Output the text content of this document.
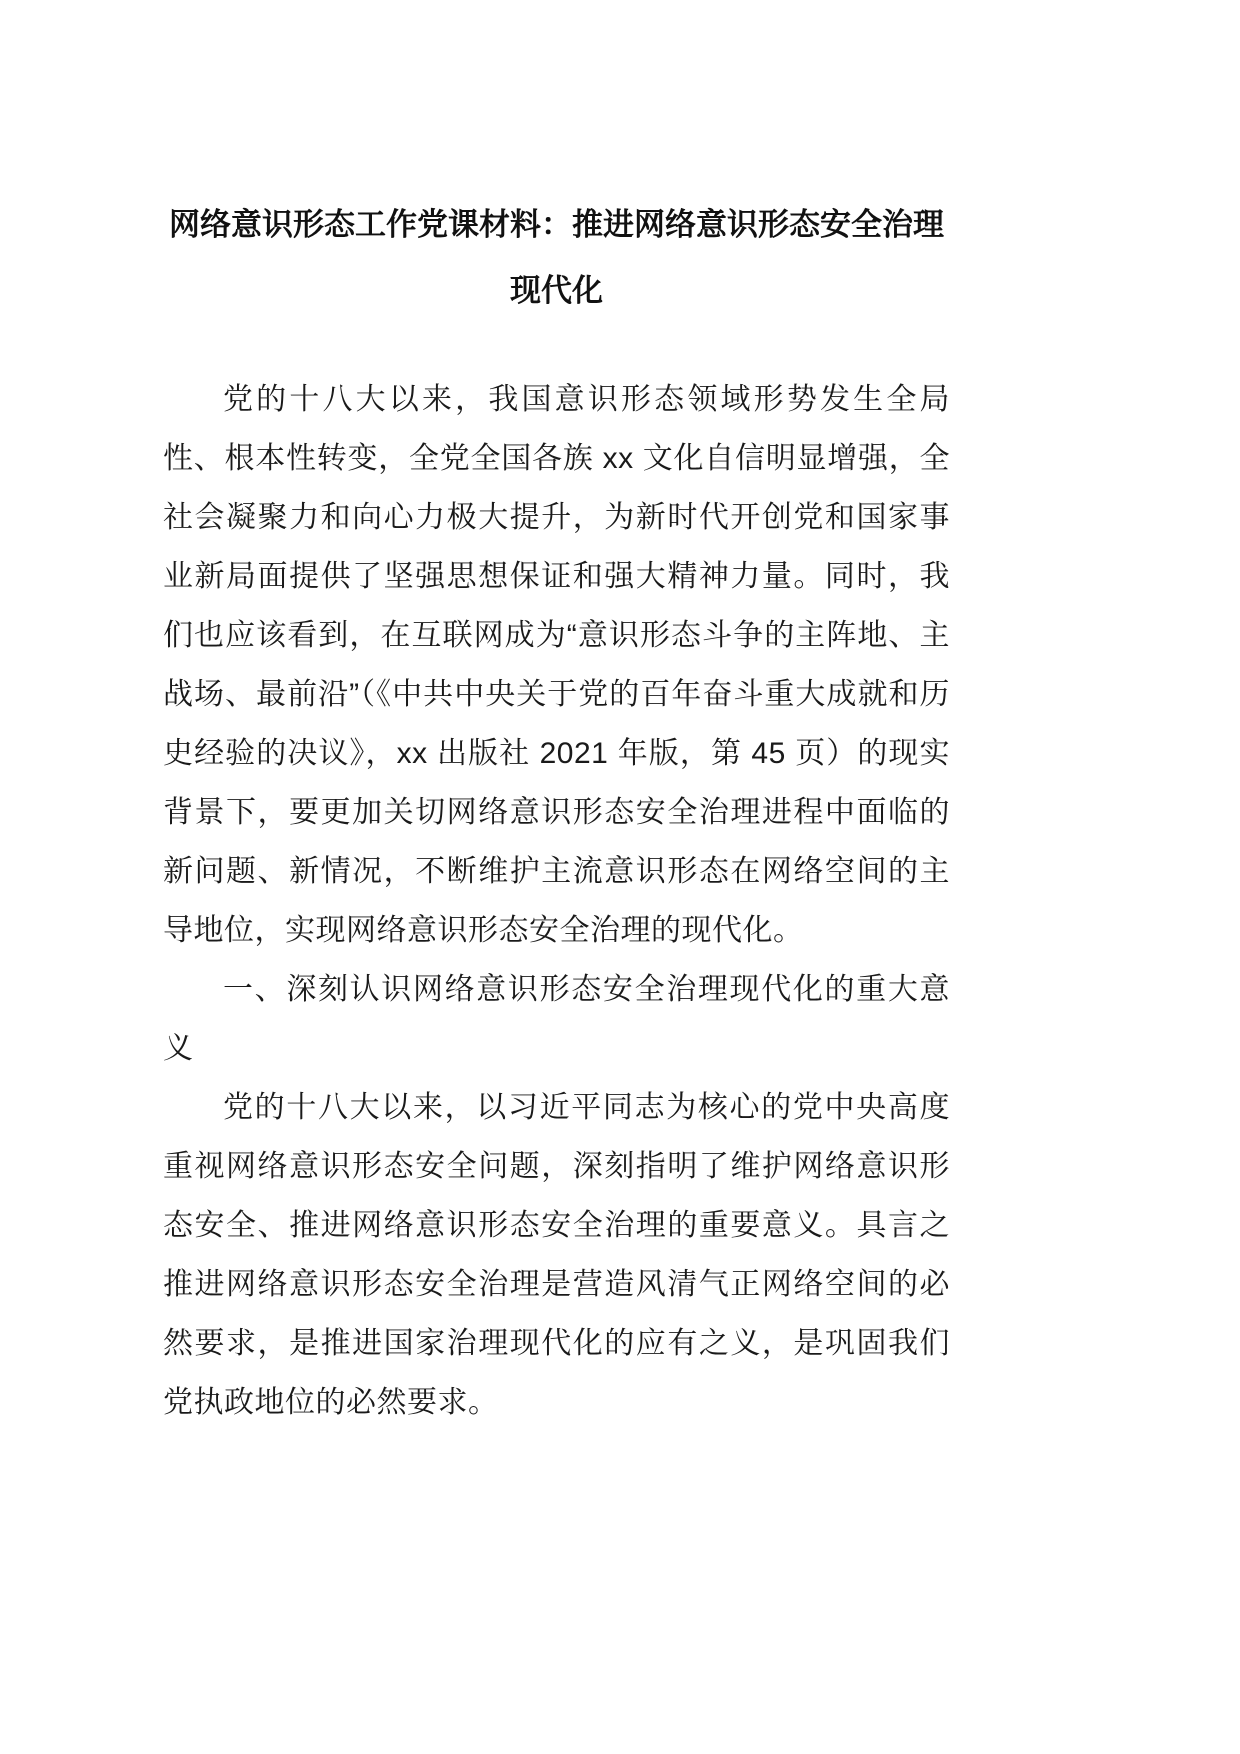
网络意识形态工作党课材料：推进网络意识形态安全治理现代化

党的十八大以来，我国意识形态领域形势发生全局性、根本性转变，全党全国各族 xx 文化自信明显增强，全社会凝聚力和向心力极大提升，为新时代开创党和国家事业新局面提供了坚强思想保证和强大精神力量。同时，我们也应该看到，在互联网成为“意识形态斗争的主阵地、主战场、最前沿”（《中共中央关于党的百年奋斗重大成就和历史经验的决议》，xx 出版社 2021 年版，第 45 页）的现实背景下，要更加关切网络意识形态安全治理进程中面临的新问题、新情况，不断维护主流意识形态在网络空间的主导地位，实现网络意识形态安全治理的现代化。

一、深刻认识网络意识形态安全治理现代化的重大意义

党的十八大以来，以习近平同志为核心的党中央高度重视网络意识形态安全问题，深刻指明了维护网络意识形态安全、推进网络意识形态安全治理的重要意义。具言之推进网络意识形态安全治理是营造风清气正网络空间的必然要求，是推进国家治理现代化的应有之义，是巩固我们党执政地位的必然要求。
